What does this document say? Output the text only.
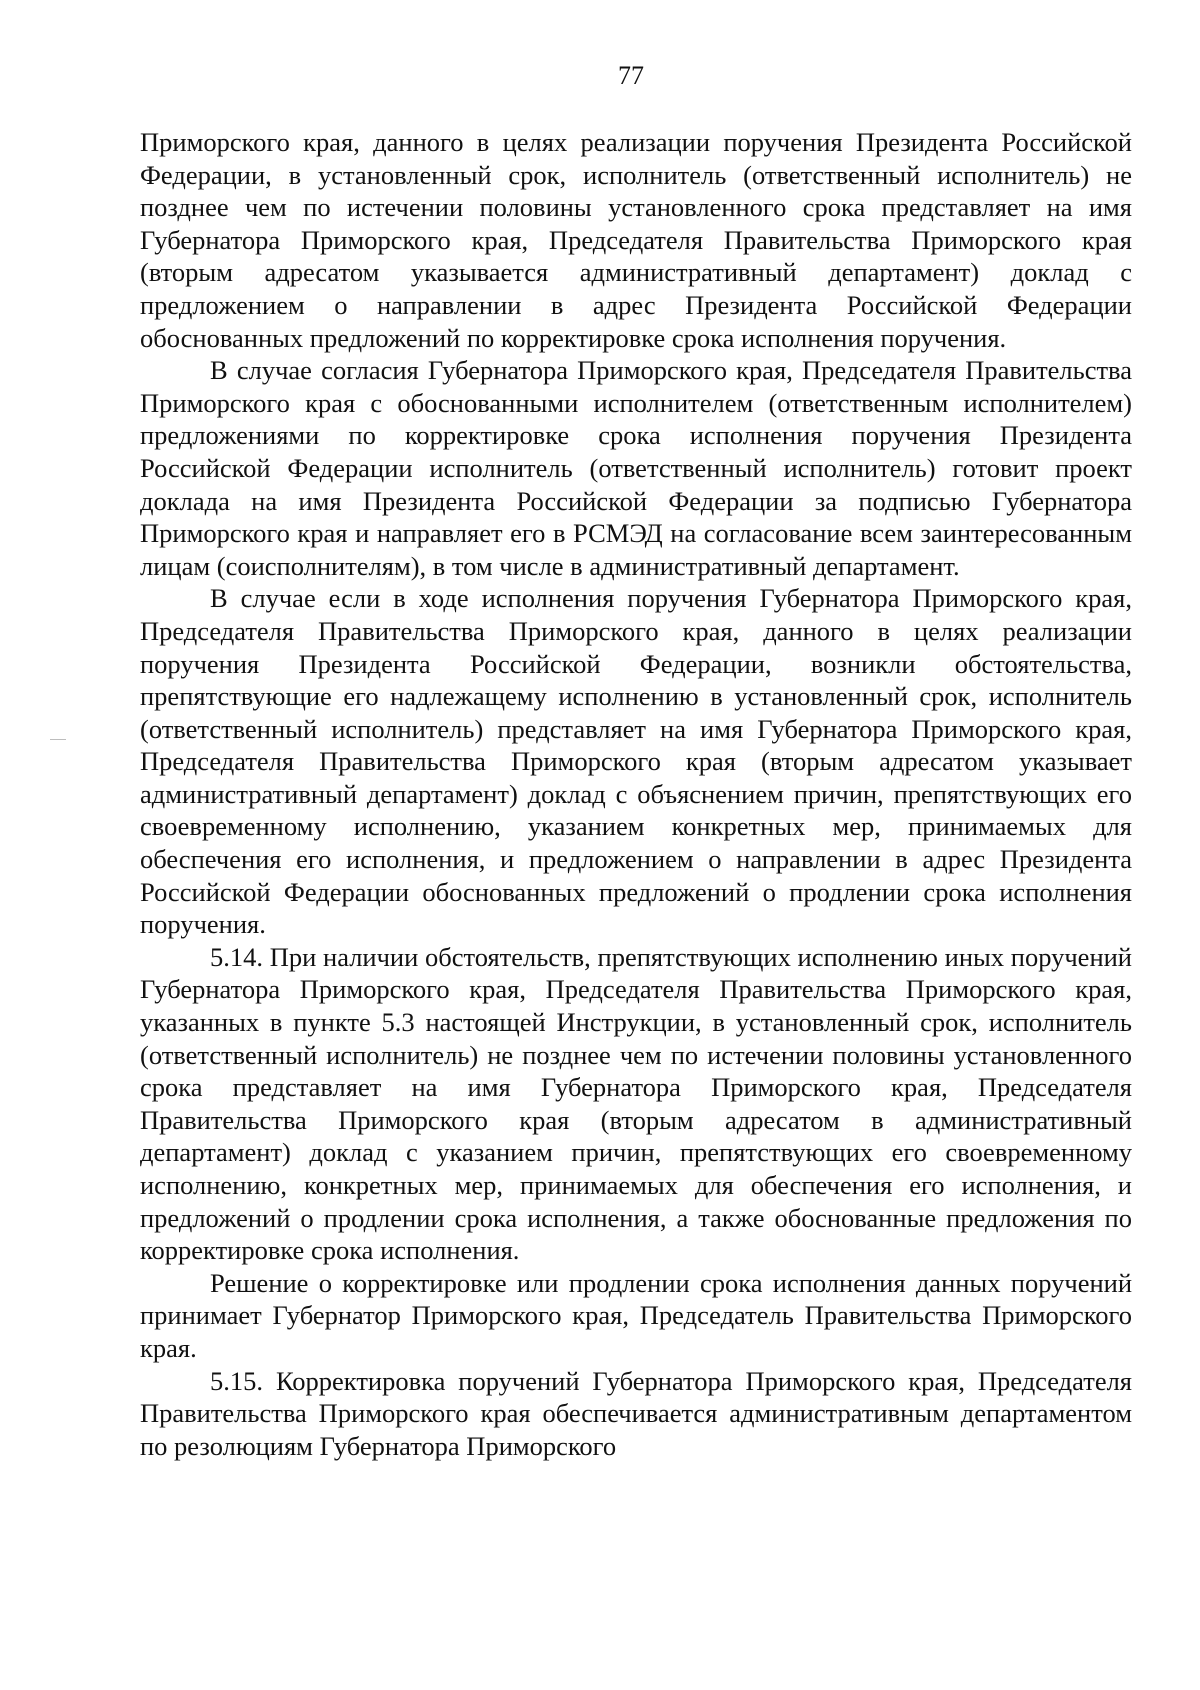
77

Приморского края, данного в целях реализации поручения Президента Российской Федерации, в установленный срок, исполнитель (ответственный исполнитель) не позднее чем по истечении половины установленного срока представляет на имя Губернатора Приморского края, Председателя Правительства Приморского края (вторым адресатом указывается административный департамент) доклад с предложением о направлении в адрес Президента Российской Федерации обоснованных предложений по корректировке срока исполнения поручения.

В случае согласия Губернатора Приморского края, Председателя Правительства Приморского края с обоснованными исполнителем (ответственным исполнителем) предложениями по корректировке срока исполнения поручения Президента Российской Федерации исполнитель (ответственный исполнитель) готовит проект доклада на имя Президента Российской Федерации за подписью Губернатора Приморского края и направляет его в РСМЭД на согласование всем заинтересованным лицам (соисполнителям), в том числе в административный департамент.

В случае если в ходе исполнения поручения Губернатора Приморского края, Председателя Правительства Приморского края, данного в целях реализации поручения Президента Российской Федерации, возникли обстоятельства, препятствующие его надлежащему исполнению в установленный срок, исполнитель (ответственный исполнитель) представляет на имя Губернатора Приморского края, Председателя Правительства Приморского края (вторым адресатом указывает административный департамент) доклад с объяснением причин, препятствующих его своевременному исполнению, указанием конкретных мер, принимаемых для обеспечения его исполнения, и предложением о направлении в адрес Президента Российской Федерации обоснованных предложений о продлении срока исполнения поручения.

5.14. При наличии обстоятельств, препятствующих исполнению иных поручений Губернатора Приморского края, Председателя Правительства Приморского края, указанных в пункте 5.3 настоящей Инструкции, в установленный срок, исполнитель (ответственный исполнитель) не позднее чем по истечении половины установленного срока представляет на имя Губернатора Приморского края, Председателя Правительства Приморского края (вторым адресатом в административный департамент) доклад с указанием причин, препятствующих его своевременному исполнению, конкретных мер, принимаемых для обеспечения его исполнения, и предложений о продлении срока исполнения, а также обоснованные предложения по корректировке срока исполнения.

Решение о корректировке или продлении срока исполнения данных поручений принимает Губернатор Приморского края, Председатель Правительства Приморского края.

5.15. Корректировка поручений Губернатора Приморского края, Председателя Правительства Приморского края обеспечивается административным департаментом по резолюциям Губернатора Приморского
